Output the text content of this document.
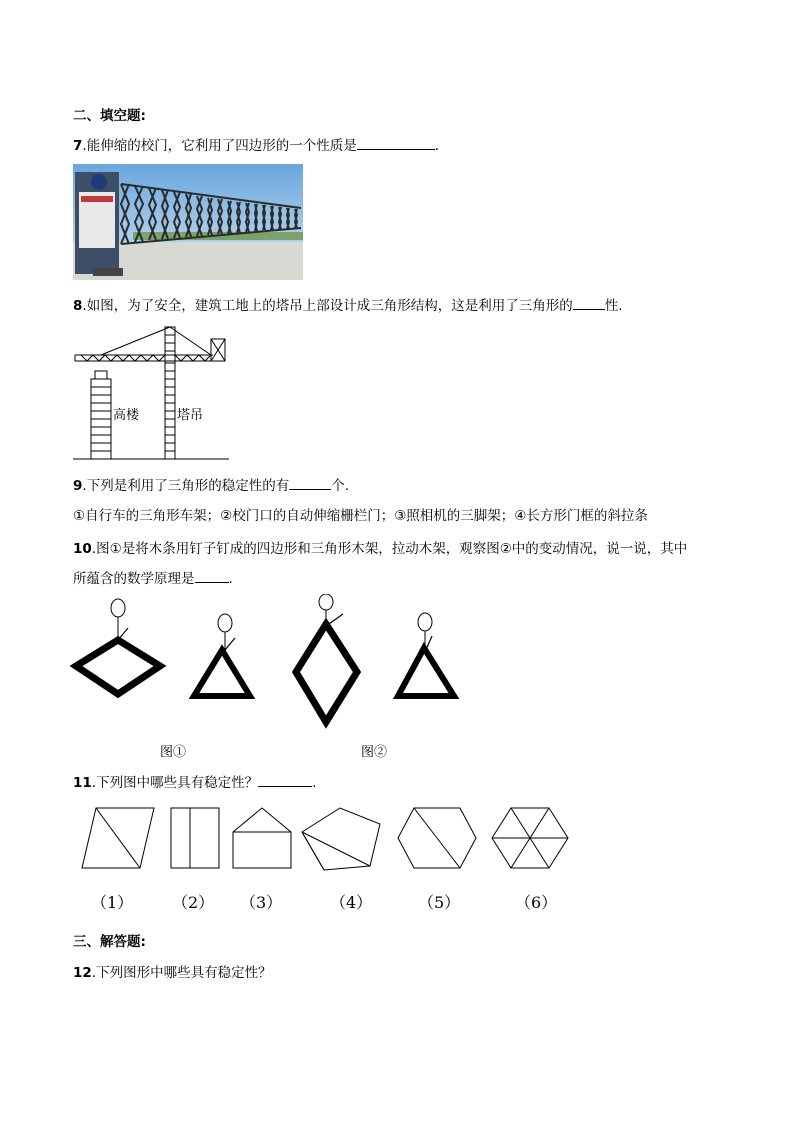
二、填空题:
7.能伸缩的校门，它利用了四边形的一个性质是	.
8.如图，为了安全，建筑工地上的塔吊上部设计成三角形结构，这是利用了三角形的 性.
高楼	塔吊
9.下列是利用了三角形的稳定性的有	个.
①自行车的三角形车架；②校门口的自动伸缩栅栏门；③照相机的三脚架；④长方形门框的斜拉条
10.图①是将木条用钉子钉成的四边形和三角形木架，拉动木架，观察图②中的变动情况，说一说，其中
所蕴含的数学原理是	.
图①	图②
11.下列图中哪些具有稳定性？	.
（1） （2） （3）	（4）	（5）	（6）
三、解答题:
12.下列图形中哪些具有稳定性？
